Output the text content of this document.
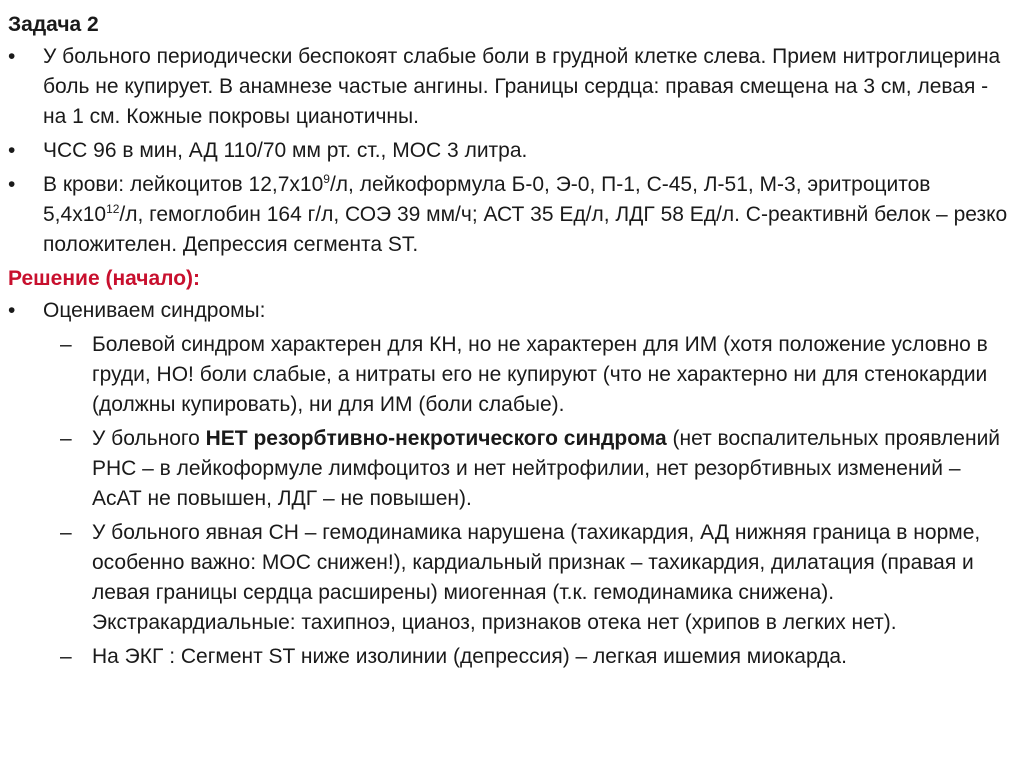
Задача 2
•	У больного периодически беспокоят слабые боли в грудной клетке слева. Прием нитроглицерина боль не купирует. В анамнезе частые ангины. Границы сердца: правая смещена на 3 см, левая - на 1 см. Кожные покровы цианотичны.
•	ЧСС 96 в мин, АД 110/70 мм рт. ст., МОС 3 литра.
•	В крови: лейкоцитов $12,7х10^9/л$, лейкоформула Б-0, Э-0, П-1, С-45, Л-51, М-3, эритроцитов $5,4х10^{12}/л$, гемоглобин 164 г/л, СОЭ 39 мм/ч; АСТ 35 Ед/л, ЛДГ 58 Ед/л. С-реактивнй белок – резко положителен. Депрессия сегмента ST.
Решение (начало):
•	Оцениваем синдромы:
– Болевой синдром характерен для КН, но не характерен для ИМ (хотя положение условно в груди, НО! боли слабые, а нитраты его не купируют (что не характерно ни для стенокардии (должны купировать), ни для ИМ (боли слабые).
– У больного НЕТ резорбтивно-некротического синдрома (нет воспалительных проявлений РНС – в лейкоформуле лимфоцитоз и нет нейтрофилии, нет резорбтивных изменений – АсАТ не повышен, ЛДГ – не повышен).
– У больного явная СН – гемодинамика нарушена (тахикардия, АД нижняя граница в норме, особенно важно: МОС снижен!), кардиальный признак – тахикардия, дилатация (правая и левая границы сердца расширены) миогенная (т.к. гемодинамика снижена). Экстракардиальные: тахипноэ, цианоз, признаков отека нет (хрипов в легких нет).
– На ЭКГ : Сегмент ST ниже изолинии (депрессия) – легкая ишемия миокарда.
